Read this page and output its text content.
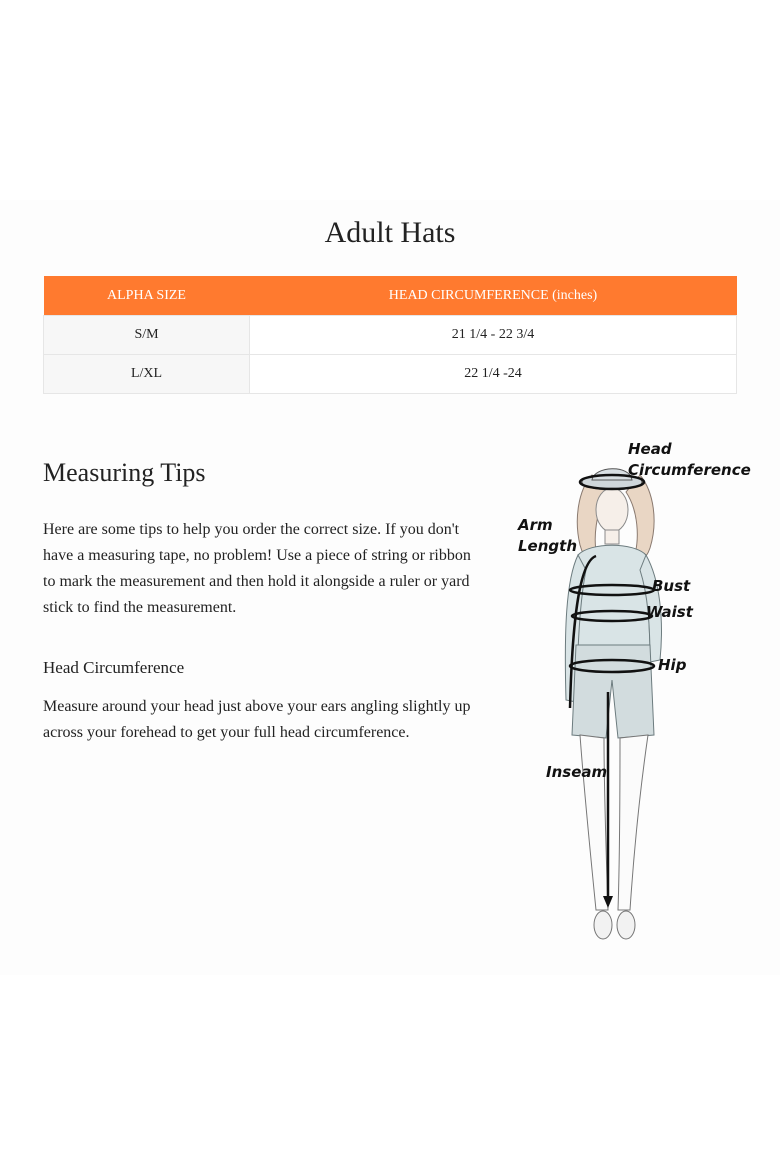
Adult Hats
ALPHA SIZE	HEAD CIRCUMFERENCE (inches)
S/M	21 1/4 - 22 3/4
L/XL	22 1/4 -24
Measuring Tips

Here are some tips to help you order the correct size. If you don't have a measuring tape, no problem! Use a piece of string or ribbon to mark the measurement and then hold it alongside a ruler or yard stick to find the measurement.

Head Circumference

Measure around your head just above your ears angling slightly up across your forehead to get your full head circumference.

Head
Circumference
Arm
Length
Bust
Waist
Hip
Inseam
